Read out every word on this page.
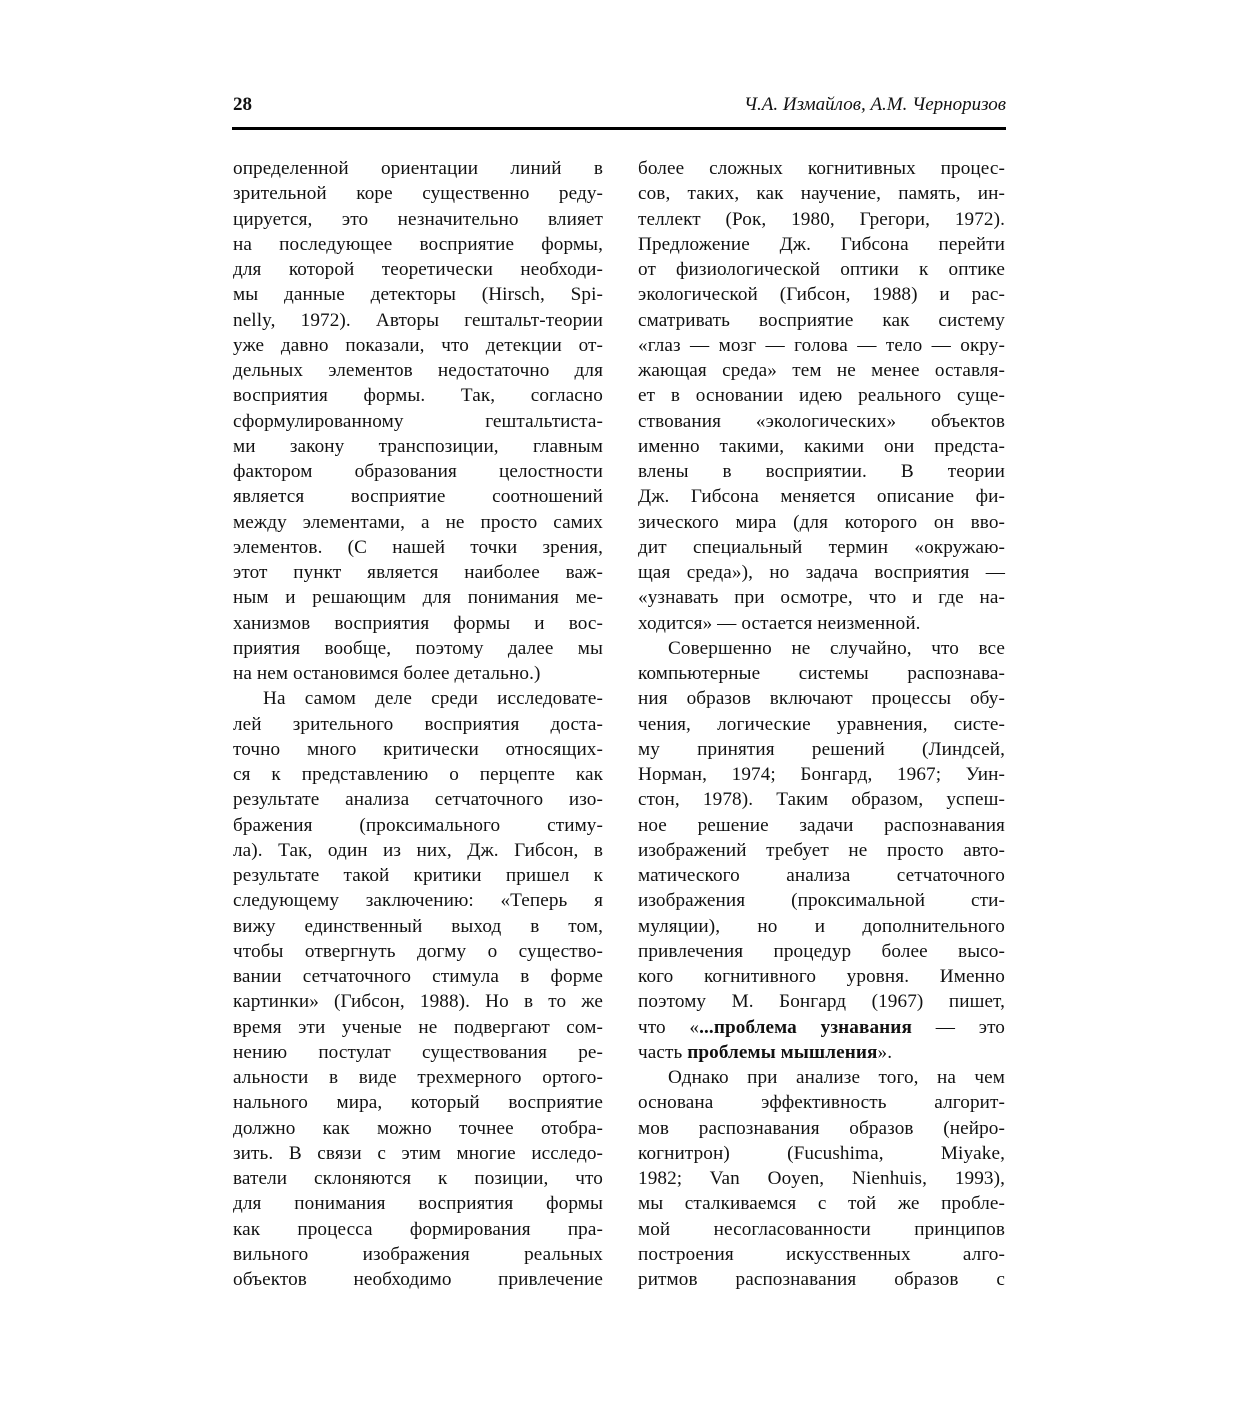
28	Ч.А. Измайлов, А.М. Черноризов
определенной ориентации линий в
зрительной коре существенно реду-
цируется, это незначительно влияет
на последующее восприятие формы,
для которой теоретически необходи-
мы данные детекторы (Hirsch, Spi-
nelly, 1972). Авторы гештальт-теории
уже давно показали, что детекции от-
дельных элементов недостаточно для
восприятия формы. Так, согласно
сформулированному гештальтиста-
ми закону транспозиции, главным
фактором образования целостности
является восприятие соотношений
между элементами, а не просто самих
элементов. (С нашей точки зрения,
этот пункт является наиболее важ-
ным и решающим для понимания ме-
ханизмов восприятия формы и вос-
приятия вообще, поэтому далее мы
на нем остановимся более детально.)
На самом деле среди исследовате-
лей зрительного восприятия доста-
точно много критически относящих-
ся к представлению о перцепте как
результате анализа сетчаточного изо-
бражения (проксимального стиму-
ла). Так, один из них, Дж. Гибсон, в
результате такой критики пришел к
следующему заключению: «Теперь я
вижу единственный выход в том,
чтобы отвергнуть догму о существо-
вании сетчаточного стимула в форме
картинки» (Гибсон, 1988). Но в то же
время эти ученые не подвергают сом-
нению постулат существования ре-
альности в виде трехмерного ортого-
нального мира, который восприятие
должно как можно точнее отобра-
зить. В связи с этим многие исследо-
ватели склоняются к позиции, что
для понимания восприятия формы
как процесса формирования пра-
вильного изображения реальных
объектов необходимо привлечение
более сложных когнитивных процес-
сов, таких, как научение, память, ин-
теллект (Рок, 1980, Грегори, 1972).
Предложение Дж. Гибсона перейти
от физиологической оптики к оптике
экологической (Гибсон, 1988) и рас-
сматривать восприятие как систему
«глаз — мозг — голова — тело — окру-
жающая среда» тем не менее оставля-
ет в основании идею реального суще-
ствования «экологических» объектов
именно такими, какими они предста-
влены в восприятии. В теории
Дж. Гибсона меняется описание фи-
зического мира (для которого он вво-
дит специальный термин «окружаю-
щая среда»), но задача восприятия —
«узнавать при осмотре, что и где на-
ходится» — остается неизменной.
Совершенно не случайно, что все
компьютерные системы распознава-
ния образов включают процессы обу-
чения, логические уравнения, систе-
му принятия решений (Линдсей,
Норман, 1974; Бонгард, 1967; Уин-
стон, 1978). Таким образом, успеш-
ное решение задачи распознавания
изображений требует не просто авто-
матического анализа сетчаточного
изображения (проксимальной сти-
муляции), но и дополнительного
привлечения процедур более высо-
кого когнитивного уровня. Именно
поэтому М. Бонгард (1967) пишет,
что «...проблема узнавания — это
часть проблемы мышления».
Однако при анализе того, на чем
основана эффективность алгорит-
мов распознавания образов (нейро-
когнитрон) (Fucushima, Miyake,
1982; Van Ooyen, Nienhuis, 1993),
мы сталкиваемся с той же пробле-
мой несогласованности принципов
построения искусственных алго-
ритмов распознавания образов с
